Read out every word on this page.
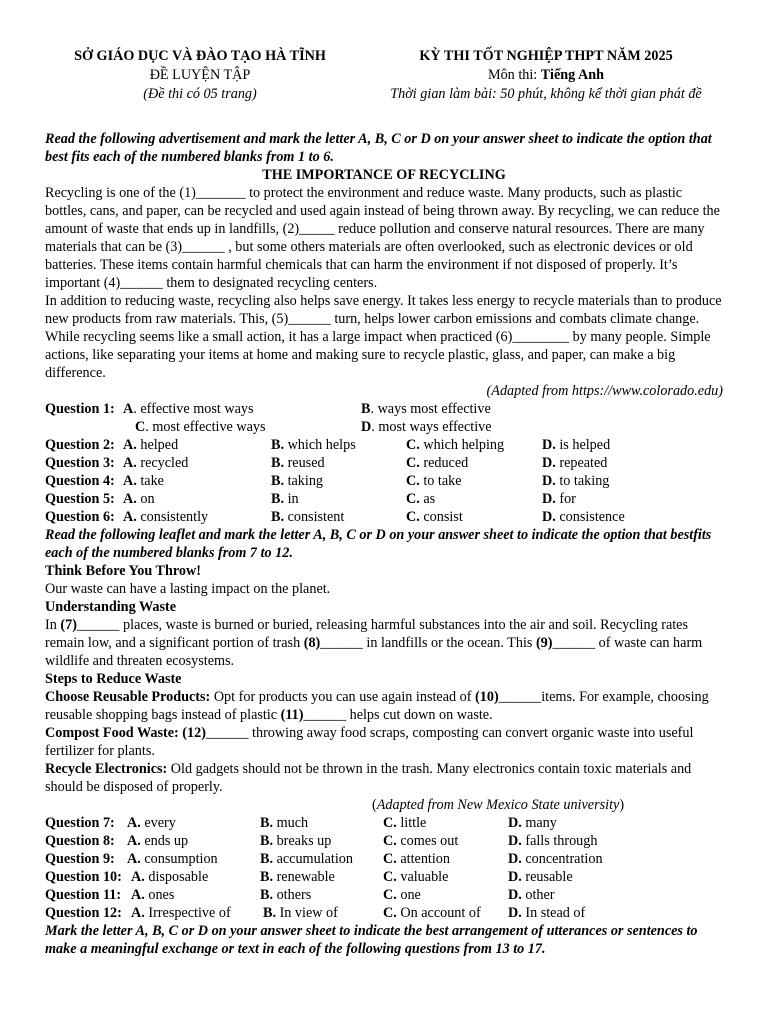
SỞ GIÁO DỤC VÀ ĐÀO TẠO HÀ TĨNH
ĐỀ LUYỆN TẬP
(Đề thi có 05 trang)
KỲ THI TỐT NGHIỆP THPT NĂM 2025
Môn thi: Tiếng Anh
Thời gian làm bài: 50 phút, không kể thời gian phát đề

Read the following advertisement and mark the letter A, B, C or D on your answer sheet to indicate the option that best fits each of the numbered blanks from 1 to 6.

THE IMPORTANCE OF RECYCLING

Recycling is one of the (1)_______ to protect the environment and reduce waste. Many products, such as plastic bottles, cans, and paper, can be recycled and used again instead of being thrown away. By recycling, we can reduce the amount of waste that ends up in landfills, (2)_____ reduce pollution and conserve natural resources. There are many materials that can be (3)______ , but some others materials are often overlooked, such as electronic devices or old batteries. These items contain harmful chemicals that can harm the environment if not disposed of properly. It’s important (4)______ them to designated recycling centers.

In addition to reducing waste, recycling also helps save energy. It takes less energy to recycle materials than to produce new products from raw materials. This, (5)______ turn, helps lower carbon emissions and combats climate change.

While recycling seems like a small action, it has a large impact when practiced (6)________ by many people. Simple actions, like separating your items at home and making sure to recycle plastic, glass, and paper, can make a big difference.

(Adapted from https://www.colorado.edu)

Question 1: A. effective most ways	B. ways most effective
C. most effective ways	D. most ways effective
Question 2: A. helped	B. which helps	C. which helping	D. is helped
Question 3: A. recycled	B. reused	C. reduced	D. repeated
Question 4: A. take	B. taking	C. to take	D. to taking
Question 5: A. on	B. in	C. as	D. for
Question 6: A. consistently	B. consistent	C. consist	D. consistence

Read the following leaflet and mark the letter A, B, C or D on your answer sheet to indicate the option that bestfits each of the numbered blanks from 7 to 12.

Think Before You Throw!

Our waste can have a lasting impact on the planet.

Understanding Waste

In (7)______ places, waste is burned or buried, releasing harmful substances into the air and soil. Recycling rates remain low, and a significant portion of trash (8)______ in landfills or the ocean. This (9)______ of waste can harm wildlife and threaten ecosystems.

Steps to Reduce Waste

Choose Reusable Products: Opt for products you can use again instead of (10)______items. For example, choosing reusable shopping bags instead of plastic (11)______ helps cut down on waste.

Compost Food Waste: (12)______ throwing away food scraps, composting can convert organic waste into useful fertilizer for plants.

Recycle Electronics: Old gadgets should not be thrown in the trash. Many electronics contain toxic materials and should be disposed of properly.

(Adapted from New Mexico State university)

Question 7: A. every	B. much	C. little	D. many
Question 8: A. ends up	B. breaks up	C. comes out	D. falls through
Question 9: A. consumption	B. accumulation C. attention	D. concentration
Question 10: A. disposable	B. renewable	C. valuable	D. reusable
Question 11: A. ones	B. others	C. one	D. other
Question 12: A. Irrespective of B. In view of	C. On account of D. In stead of

Mark the letter A, B, C or D on your answer sheet to indicate the best arrangement of utterances or sentences to make a meaningful exchange or text in each of the following questions from 13 to 17.
